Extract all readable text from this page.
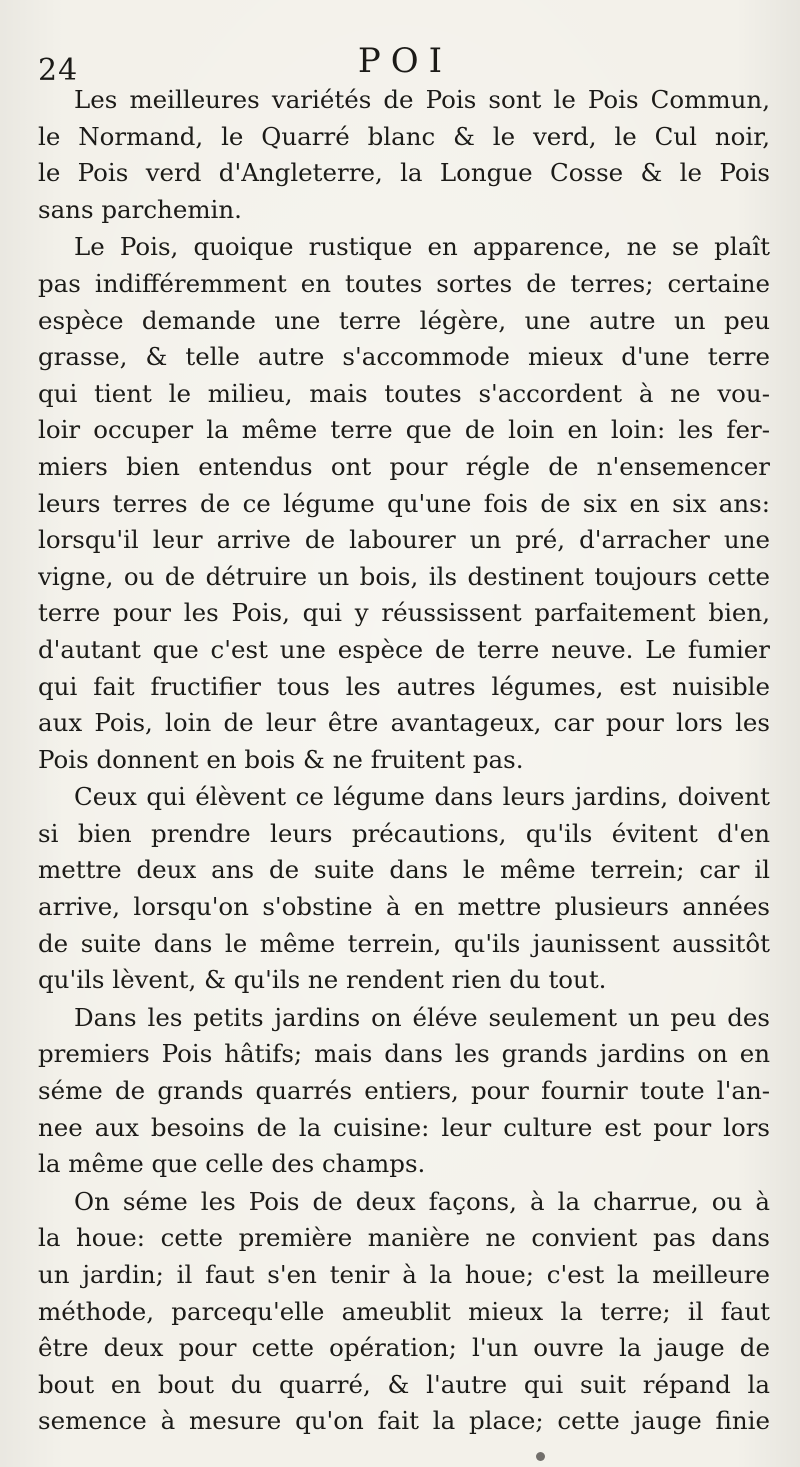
24	POI
Les meilleures variétés de Pois sont le Pois Commun,
le Normand, le Quarré blanc & le verd, le Cul noir,
le Pois verd d'Angleterre, la Longue Cosse & le Pois
sans parchemin.
Le Pois, quoique rustique en apparence, ne se plaît
pas indifféremment en toutes sortes de terres; certaine
espèce demande une terre légère, une autre un peu
grasse, & telle autre s'accommode mieux d'une terre
qui tient le milieu, mais toutes s'accordent à ne vou-
loir occuper la même terre que de loin en loin: les fer-
miers bien entendus ont pour régle de n'ensemencer
leurs terres de ce légume qu'une fois de six en six ans:
lorsqu'il leur arrive de labourer un pré, d'arracher une
vigne, ou de détruire un bois, ils destinent toujours cette
terre pour les Pois, qui y réussissent parfaitement bien,
d'autant que c'est une espèce de terre neuve. Le fumier
qui fait fructifier tous les autres légumes, est nuisible
aux Pois, loin de leur être avantageux, car pour lors les
Pois donnent en bois & ne fruitent pas.
Ceux qui élèvent ce légume dans leurs jardins, doivent
si bien prendre leurs précautions, qu'ils évitent d'en
mettre deux ans de suite dans le même terrein; car il
arrive, lorsqu'on s'obstine à en mettre plusieurs années
de suite dans le même terrein, qu'ils jaunissent aussitôt
qu'ils lèvent, & qu'ils ne rendent rien du tout.
Dans les petits jardins on éléve seulement un peu des
premiers Pois hâtifs; mais dans les grands jardins on en
séme de grands quarrés entiers, pour fournir toute l'an-
nee aux besoins de la cuisine: leur culture est pour lors
la même que celle des champs.
On séme les Pois de deux façons, à la charrue, ou à
la houe: cette première manière ne convient pas dans
un jardin; il faut s'en tenir à la houe; c'est la meilleure
méthode, parcequ'elle ameublit mieux la terre; il faut
être deux pour cette opération; l'un ouvre la jauge de
bout en bout du quarré, & l'autre qui suit répand la
semence à mesure qu'on fait la place; cette jauge finie
